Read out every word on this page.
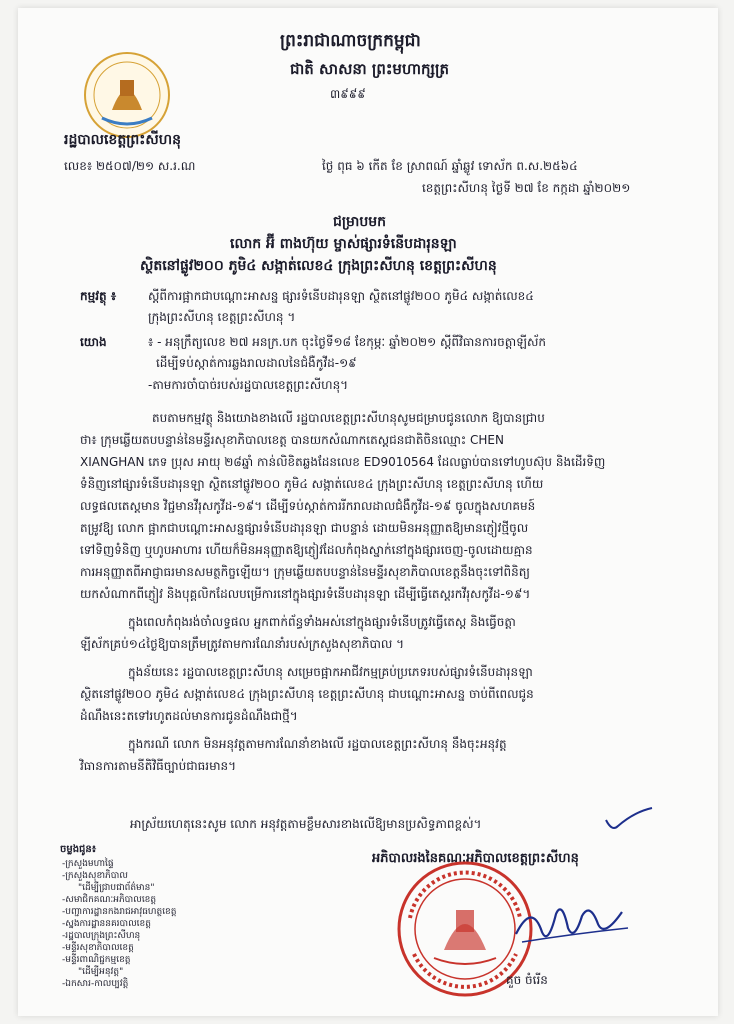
ព្រះរាជាណាចក្រកម្ពុជា
ជាតិ សាសនា ព្រះមហាក្សត្រ
៣៩៩៩
រដ្ឋបាលខេត្តព្រះសីហនុ
លេខ៖ ២៥០៧/២១ ស.រ.ណ	ថ្ងៃ ពុធ ៦ កើត ខែ ស្រាពណ៍ ឆ្នាំឆ្លូវ ទោស័ក ព.ស.២៥៦៤
ខេត្តព្រះសីហនុ ថ្ងៃទី ២៧ ខែ កក្កដា ឆ្នាំ២០២១
ជម្រាបមក
លោក អ៊ី ពាងហ៊ុយ ម្ចាស់ផ្សារទំនើបដារុនឡា
ស្ថិតនៅផ្លូវ២០០ ភូមិ៤ សង្កាត់លេខ៤ ក្រុងព្រះសីហនុ ខេត្តព្រះសីហនុ
កម្មវត្ថុ ៖	ស្តីពីការផ្អាកជាបណ្តោះអាសន្ន ផ្សារទំនើបដារុនឡា ស្ថិតនៅផ្លូវ២០០ ភូមិ៤ សង្កាត់លេខ៤
ក្រុងព្រះសីហនុ ខេត្តព្រះសីហនុ ។
យោង	៖ - អនុក្រឹត្យលេខ ២៧ អនក្រ.បក ចុះថ្ងៃទី១៨ ខែកុម្ភៈ ឆ្នាំ២០២១ ស្តីពីវិធានការចត្តាឡីស័ក
ដើម្បីទប់ស្កាត់ការឆ្លងរាលដាលនៃជំងឺកូវីដ-១៩
-តាមការចាំបាច់របស់រដ្ឋបាលខេត្តព្រះសីហនុ។

តបតាមកម្មវត្ថុ និងយោងខាងលើ រដ្ឋបាលខេត្តព្រះសីហនុសូមជម្រាបជូនលោក ឱ្យបានជ្រាប

ថា៖ ក្រុមឆ្លើយតបបន្ទាន់នៃមន្ទីរសុខាភិបាលខេត្ត បានយកសំណាកតេស្តជនជាតិចិនឈ្មោះ CHEN

XIANGHAN ភេទ ប្រុស អាយុ ២៨ឆ្នាំ កាន់លិខិតឆ្លងដែនលេខ ED9010564 ដែលធ្លាប់បានទៅហូបស៊ុប និងដើរទិញ

ទំនិញនៅផ្សារទំនើបដារុនឡា ស្ថិតនៅផ្លូវ២០០ ភូមិ៤ សង្កាត់លេខ៤ ក្រុងព្រះសីហនុ ខេត្តព្រះសីហនុ ហើយ

លទ្ធផលតេស្តមាន វិជ្ជមានវីរុសកូវីដ-១៩។ ដើម្បីទប់ស្កាត់ការរីករាលដាលជំងឺកូវីដ-១៩ ចូលក្នុងសហគមន៍

តម្រូវឱ្យ លោក ផ្អាកជាបណ្តោះអាសន្នផ្សារទំនើបដារុនឡា ជាបន្ទាន់ ដោយមិនអនុញ្ញាតឱ្យមានភ្ញៀវថ្មីចូល

ទៅទិញទំនិញ ឬហូបអាហារ ហើយក៏មិនអនុញ្ញាតឱ្យភ្ញៀវដែលកំពុងស្នាក់នៅក្នុងផ្សារចេញ-ចូលដោយគ្មាន

ការអនុញ្ញាតពីអាជ្ញាធរមានសមត្ថកិច្ចឡើយ។ ក្រុមឆ្លើយតបបន្ទាន់នៃមន្ទីរសុខាភិបាលខេត្តនឹងចុះទៅពិនិត្យ

យកសំណាកពីភ្ញៀវ និងបុគ្គលិកដែលបម្រើការនៅក្នុងផ្សារទំនើបដារុនឡា ដើម្បីធ្វើតេស្តរកវីរុសកូវីដ-១៩។

ក្នុងពេលកំពុងរង់ចាំលទ្ធផល អ្នកពាក់ព័ន្ធទាំងអស់នៅក្នុងផ្សារទំនើបត្រូវធ្វើតេស្ត និងធ្វើចត្តា

ឡីស័កគ្រប់១៤ថ្ងៃឱ្យបានត្រឹមត្រូវតាមការណែនាំរបស់ក្រសួងសុខាភិបាល ។

ក្នុងន័យនេះ រដ្ឋបាលខេត្តព្រះសីហនុ សម្រេចផ្អាកអាជីវកម្មគ្រប់ប្រភេទរបស់ផ្សារទំនើបដារុនឡា

ស្ថិតនៅផ្លូវ២០០ ភូមិ៤ សង្កាត់លេខ៤ ក្រុងព្រះសីហនុ ខេត្តព្រះសីហនុ ជាបណ្តោះអាសន្ន ចាប់ពីពេលជូន

ដំណឹងនេះតទៅរហូតដល់មានការជូនដំណឹងជាថ្មី។

ក្នុងករណី លោក មិនអនុវត្តតាមការណែនាំខាងលើ រដ្ឋបាលខេត្តព្រះសីហនុ នឹងចុះអនុវត្ត

វិធានការតាមនីតិវិធីច្បាប់ជាធរមាន។

អាស្រ័យហេតុនេះសូម លោក អនុវត្តតាមខ្លឹមសារខាងលើឱ្យមានប្រសិទ្ធភាពខ្ពស់។
អភិបាលរងនៃគណៈអភិបាលខេត្តព្រះសីហនុ
ចម្លងជូន៖
-ក្រសួងមហាផ្ទៃ
-ក្រសួងសុខាភិបាល
"ដើម្បីជ្រាបជាព័ត៌មាន"
-សមាជិកគណៈអភិបាលខេត្ត
-បញ្ជាការដ្ឋានកងរាជអាវុធហត្ថខេត្ត
-ស្នងការដ្ឋាននគរបាលខេត្ត
-រដ្ឋបាលក្រុងព្រះសីហនុ
-មន្ទីរសុខាភិបាលខេត្ត
-មន្ទីរពាណិជ្ជកម្មខេត្ត
"ដើម្បីអនុវត្ត"
-ឯកសារ-កាលប្បវត្តិ	គួច ចំរើន
